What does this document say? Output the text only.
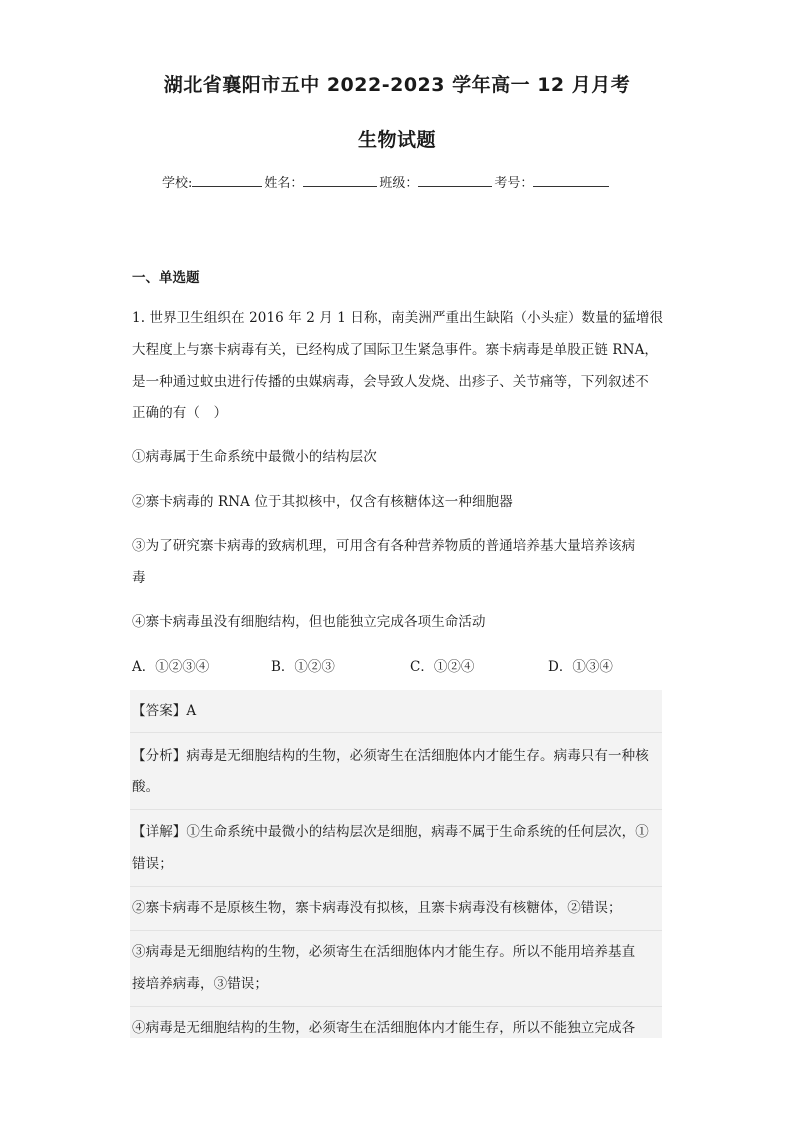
湖北省襄阳市五中 2022-2023 学年高一 12 月月考
生物试题
学校:	姓名：	班级：	考号：
一、单选题
1. 世界卫生组织在 2016 年 2 月 1 日称，南美洲严重出生缺陷（小头症）数量的猛增很
大程度上与寨卡病毒有关，已经构成了国际卫生紧急事件。寨卡病毒是单股正链 RNA，
是一种通过蚊虫进行传播的虫媒病毒，会导致人发烧、出疹子、关节痛等，下列叙述不
正确的有（　）
①病毒属于生命系统中最微小的结构层次
②寨卡病毒的 RNA 位于其拟核中，仅含有核糖体这一种细胞器
③为了研究寨卡病毒的致病机理，可用含有各种营养物质的普通培养基大量培养该病
毒
④寨卡病毒虽没有细胞结构，但也能独立完成各项生命活动
A．①②③④	B．①②③	C．①②④	D．①③④
【答案】A
【分析】病毒是无细胞结构的生物，必须寄生在活细胞体内才能生存。病毒只有一种核
酸。
【详解】①生命系统中最微小的结构层次是细胞，病毒不属于生命系统的任何层次，①
错误；
②寨卡病毒不是原核生物，寨卡病毒没有拟核，且寨卡病毒没有核糖体，②错误；
③病毒是无细胞结构的生物，必须寄生在活细胞体内才能生存。所以不能用培养基直
接培养病毒，③错误；
④病毒是无细胞结构的生物，必须寄生在活细胞体内才能生存，所以不能独立完成各
